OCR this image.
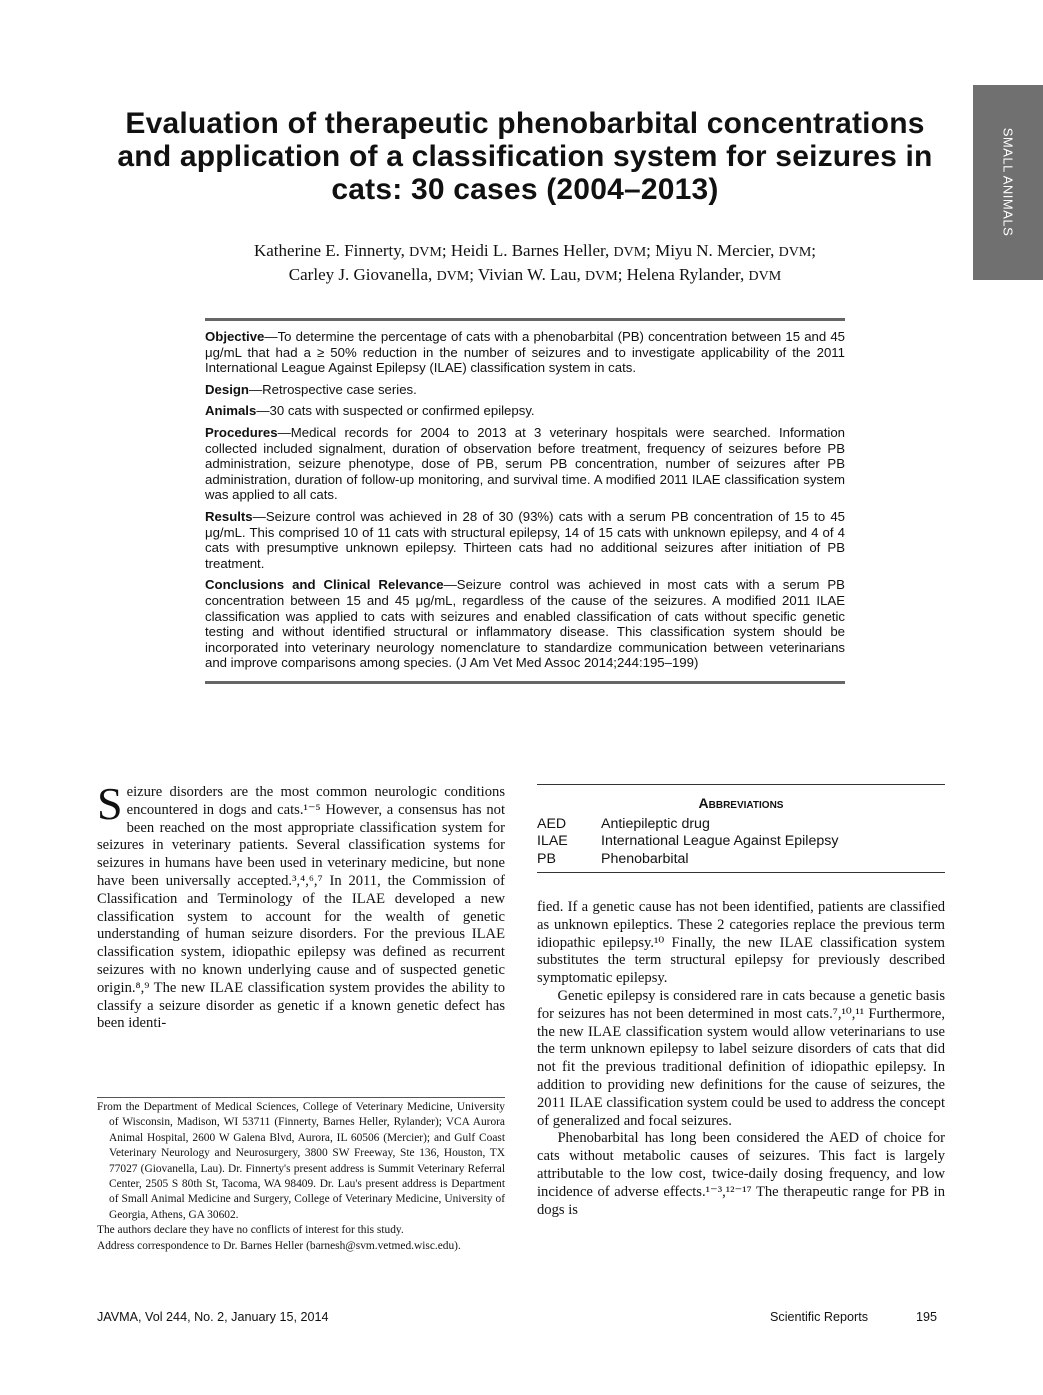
SMALL ANIMALS
Evaluation of therapeutic phenobarbital concentrations and application of a classification system for seizures in cats: 30 cases (2004–2013)
Katherine E. Finnerty, DVM; Heidi L. Barnes Heller, DVM; Miyu N. Mercier, DVM;
Carley J. Giovanella, DVM; Vivian W. Lau, DVM; Helena Rylander, DVM

Objective—To determine the percentage of cats with a phenobarbital (PB) concentration between 15 and 45 μg/mL that had a ≥ 50% reduction in the number of seizures and to investigate applicability of the 2011 International League Against Epilepsy (ILAE) classification system in cats.

Design—Retrospective case series.

Animals—30 cats with suspected or confirmed epilepsy.

Procedures—Medical records for 2004 to 2013 at 3 veterinary hospitals were searched. Information collected included signalment, duration of observation before treatment, frequency of seizures before PB administration, seizure phenotype, dose of PB, serum PB concentration, number of seizures after PB administration, duration of follow-up monitoring, and survival time. A modified 2011 ILAE classification system was applied to all cats.

Results—Seizure control was achieved in 28 of 30 (93%) cats with a serum PB concentration of 15 to 45 μg/mL. This comprised 10 of 11 cats with structural epilepsy, 14 of 15 cats with unknown epilepsy, and 4 of 4 cats with presumptive unknown epilepsy. Thirteen cats had no additional seizures after initiation of PB treatment.

Conclusions and Clinical Relevance—Seizure control was achieved in most cats with a serum PB concentration between 15 and 45 μg/mL, regardless of the cause of the seizures. A modified 2011 ILAE classification was applied to cats with seizures and enabled classification of cats without specific genetic testing and without identified structural or inflammatory disease. This classification system should be incorporated into veterinary neurology nomenclature to standardize communication between veterinarians and improve comparisons among species. (J Am Vet Med Assoc 2014;244:195–199)

Seizure disorders are the most common neurologic conditions encountered in dogs and cats.¹⁻⁵ However, a consensus has not been reached on the most appropriate classification system for seizures in veterinary patients. Several classification systems for seizures in humans have been used in veterinary medicine, but none have been universally accepted.³,⁴,⁶,⁷ In 2011, the Commission of Classification and Terminology of the ILAE developed a new classification system to account for the wealth of genetic understanding of human seizure disorders. For the previous ILAE classification system, idiopathic epilepsy was defined as recurrent seizures with no known underlying cause and of suspected genetic origin.⁸,⁹ The new ILAE classification system provides the ability to classify a seizure disorder as genetic if a known genetic defect has been identi-

Abbreviations
AED	Antiepileptic drug
ILAE	International League Against Epilepsy
PB	Phenobarbital

fied. If a genetic cause has not been identified, patients are classified as unknown epileptics. These 2 categories replace the previous term idiopathic epilepsy.¹⁰ Finally, the new ILAE classification system substitutes the term structural epilepsy for previously described symptomatic epilepsy.

Genetic epilepsy is considered rare in cats because a genetic basis for seizures has not been determined in most cats.⁷,¹⁰,¹¹ Furthermore, the new ILAE classification system would allow veterinarians to use the term unknown epilepsy to label seizure disorders of cats that did not fit the previous traditional definition of idiopathic epilepsy. In addition to providing new definitions for the cause of seizures, the 2011 ILAE classification system could be used to address the concept of generalized and focal seizures.

Phenobarbital has long been considered the AED of choice for cats without metabolic causes of seizures. This fact is largely attributable to the low cost, twice-daily dosing frequency, and low incidence of adverse effects.¹⁻³,¹²⁻¹⁷ The therapeutic range for PB in dogs is

From the Department of Medical Sciences, College of Veterinary Medicine, University of Wisconsin, Madison, WI 53711 (Finnerty, Barnes Heller, Rylander); VCA Aurora Animal Hospital, 2600 W Galena Blvd, Aurora, IL 60506 (Mercier); and Gulf Coast Veterinary Neurology and Neurosurgery, 3800 SW Freeway, Ste 136, Houston, TX 77027 (Giovanella, Lau). Dr. Finnerty's present address is Summit Veterinary Referral Center, 2505 S 80th St, Tacoma, WA 98409. Dr. Lau's present address is Department of Small Animal Medicine and Surgery, College of Veterinary Medicine, University of Georgia, Athens, GA 30602.

The authors declare they have no conflicts of interest for this study.

Address correspondence to Dr. Barnes Heller (barnesh@svm.vetmed.wisc.edu).

JAVMA, Vol 244, No. 2, January 15, 2014	Scientific Reports	195
